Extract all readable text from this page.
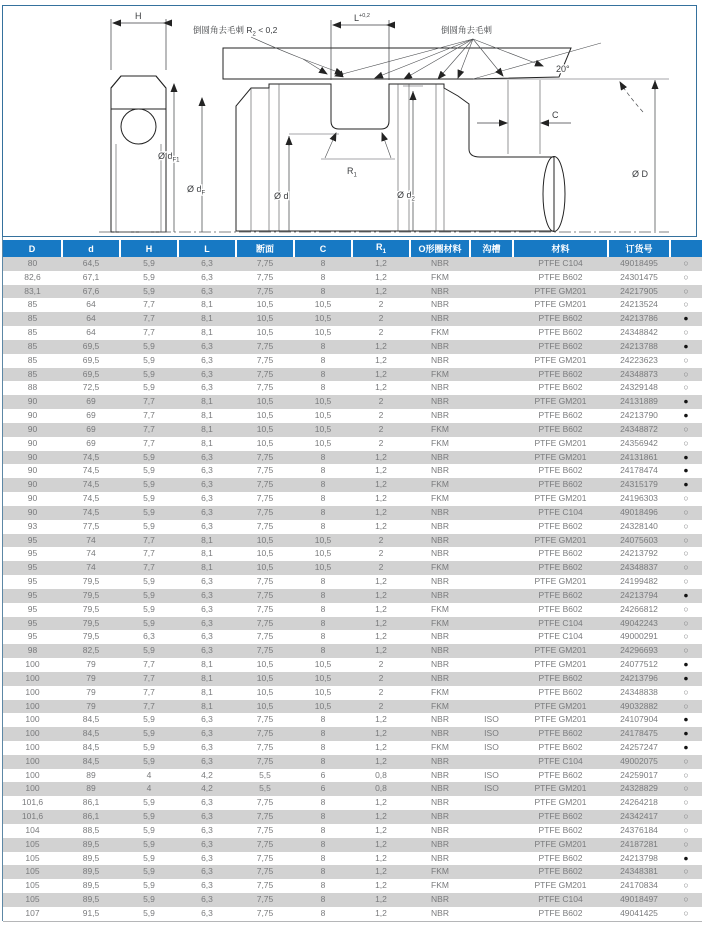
H
Ø $d_{F1}$
Ø $d_F$
20°
$L^{+0,2}$
倒圆角去毛刺 $R_2 < 0,2$	倒圆角去毛刺
$R_1$
Ø d	Ø $d_2$
C
Ø D
D	d	H	L	断面	C	$R_1$	O形圈材料	沟槽	材料	订货号	
80	64,5	5,9	6,3	7,75	8	1,2	NBR		PTFE C104	49018495	○
82,6	67,1	5,9	6,3	7,75	8	1,2	FKM		PTFE B602	24301475	○
83,1	67,6	5,9	6,3	7,75	8	1,2	NBR		PTFE GM201	24217905	○
85	64	7,7	8,1	10,5	10,5	2	NBR		PTFE GM201	24213524	○
85	64	7,7	8,1	10,5	10,5	2	NBR		PTFE B602	24213786	●
85	64	7,7	8,1	10,5	10,5	2	FKM		PTFE B602	24348842	○
85	69,5	5,9	6,3	7,75	8	1,2	NBR		PTFE B602	24213788	●
85	69,5	5,9	6,3	7,75	8	1,2	NBR		PTFE GM201	24223623	○
85	69,5	5,9	6,3	7,75	8	1,2	FKM		PTFE B602	24348873	○
88	72,5	5,9	6,3	7,75	8	1,2	NBR		PTFE B602	24329148	○
90	69	7,7	8,1	10,5	10,5	2	NBR		PTFE GM201	24131889	●
90	69	7,7	8,1	10,5	10,5	2	NBR		PTFE B602	24213790	●
90	69	7,7	8,1	10,5	10,5	2	FKM		PTFE B602	24348872	○
90	69	7,7	8,1	10,5	10,5	2	FKM		PTFE GM201	24356942	○
90	74,5	5,9	6,3	7,75	8	1,2	NBR		PTFE GM201	24131861	●
90	74,5	5,9	6,3	7,75	8	1,2	NBR		PTFE B602	24178474	●
90	74,5	5,9	6,3	7,75	8	1,2	FKM		PTFE B602	24315179	●
90	74,5	5,9	6,3	7,75	8	1,2	FKM		PTFE GM201	24196303	○
90	74,5	5,9	6,3	7,75	8	1,2	NBR		PTFE C104	49018496	○
93	77,5	5,9	6,3	7,75	8	1,2	NBR		PTFE B602	24328140	○
95	74	7,7	8,1	10,5	10,5	2	NBR		PTFE GM201	24075603	○
95	74	7,7	8,1	10,5	10,5	2	NBR		PTFE B602	24213792	○
95	74	7,7	8,1	10,5	10,5	2	FKM		PTFE B602	24348837	○
95	79,5	5,9	6,3	7,75	8	1,2	NBR		PTFE GM201	24199482	○
95	79,5	5,9	6,3	7,75	8	1,2	NBR		PTFE B602	24213794	●
95	79,5	5,9	6,3	7,75	8	1,2	FKM		PTFE B602	24266812	○
95	79,5	5,9	6,3	7,75	8	1,2	FKM		PTFE C104	49042243	○
95	79,5	6,3	6,3	7,75	8	1,2	NBR		PTFE C104	49000291	○
98	82,5	5,9	6,3	7,75	8	1,2	NBR		PTFE GM201	24296693	○
100	79	7,7	8,1	10,5	10,5	2	NBR		PTFE GM201	24077512	●
100	79	7,7	8,1	10,5	10,5	2	NBR		PTFE B602	24213796	●
100	79	7,7	8,1	10,5	10,5	2	FKM		PTFE B602	24348838	○
100	79	7,7	8,1	10,5	10,5	2	FKM		PTFE GM201	49032882	○
100	84,5	5,9	6,3	7,75	8	1,2	NBR	ISO	PTFE GM201	24107904	●
100	84,5	5,9	6,3	7,75	8	1,2	NBR	ISO	PTFE B602	24178475	●
100	84,5	5,9	6,3	7,75	8	1,2	FKM	ISO	PTFE B602	24257247	●
100	84,5	5,9	6,3	7,75	8	1,2	NBR		PTFE C104	49002075	○
100	89	4	4,2	5,5	6	0,8	NBR	ISO	PTFE B602	24259017	○
100	89	4	4,2	5,5	6	0,8	NBR	ISO	PTFE GM201	24328829	○
101,6	86,1	5,9	6,3	7,75	8	1,2	NBR		PTFE GM201	24264218	○
101,6	86,1	5,9	6,3	7,75	8	1,2	NBR		PTFE B602	24342417	○
104	88,5	5,9	6,3	7,75	8	1,2	NBR		PTFE B602	24376184	○
105	89,5	5,9	6,3	7,75	8	1,2	NBR		PTFE GM201	24187281	○
105	89,5	5,9	6,3	7,75	8	1,2	NBR		PTFE B602	24213798	●
105	89,5	5,9	6,3	7,75	8	1,2	FKM		PTFE B602	24348381	○
105	89,5	5,9	6,3	7,75	8	1,2	FKM		PTFE GM201	24170834	○
105	89,5	5,9	6,3	7,75	8	1,2	NBR		PTFE C104	49018497	○
107	91,5	5,9	6,3	7,75	8	1,2	NBR		PTFE B602	49041425	○
